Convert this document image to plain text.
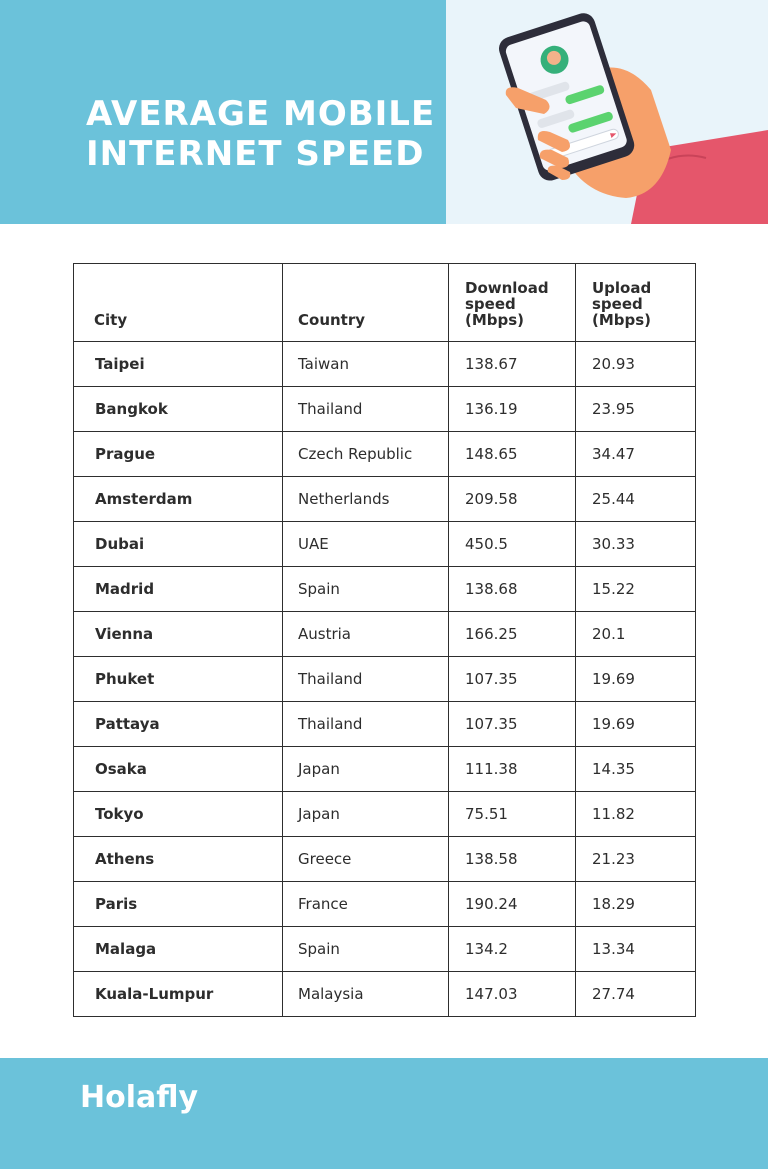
AVERAGE MOBILE
INTERNET SPEED
City	Country	Download
speed
(Mbps)	Upload
speed
(Mbps)

Taipei	Taiwan	138.67	20.93
Bangkok	Thailand	136.19	23.95
Prague	Czech Republic	148.65	34.47
Amsterdam	Netherlands	209.58	25.44
Dubai	UAE	450.5	30.33
Madrid	Spain	138.68	15.22
Vienna	Austria	166.25	20.1
Phuket	Thailand	107.35	19.69
Pattaya	Thailand	107.35	19.69
Osaka	Japan	111.38	14.35
Tokyo	Japan	75.51	11.82
Athens	Greece	138.58	21.23
Paris	France	190.24	18.29
Malaga	Spain	134.2	13.34
Kuala-Lumpur	Malaysia	147.03	27.74
Holafly
